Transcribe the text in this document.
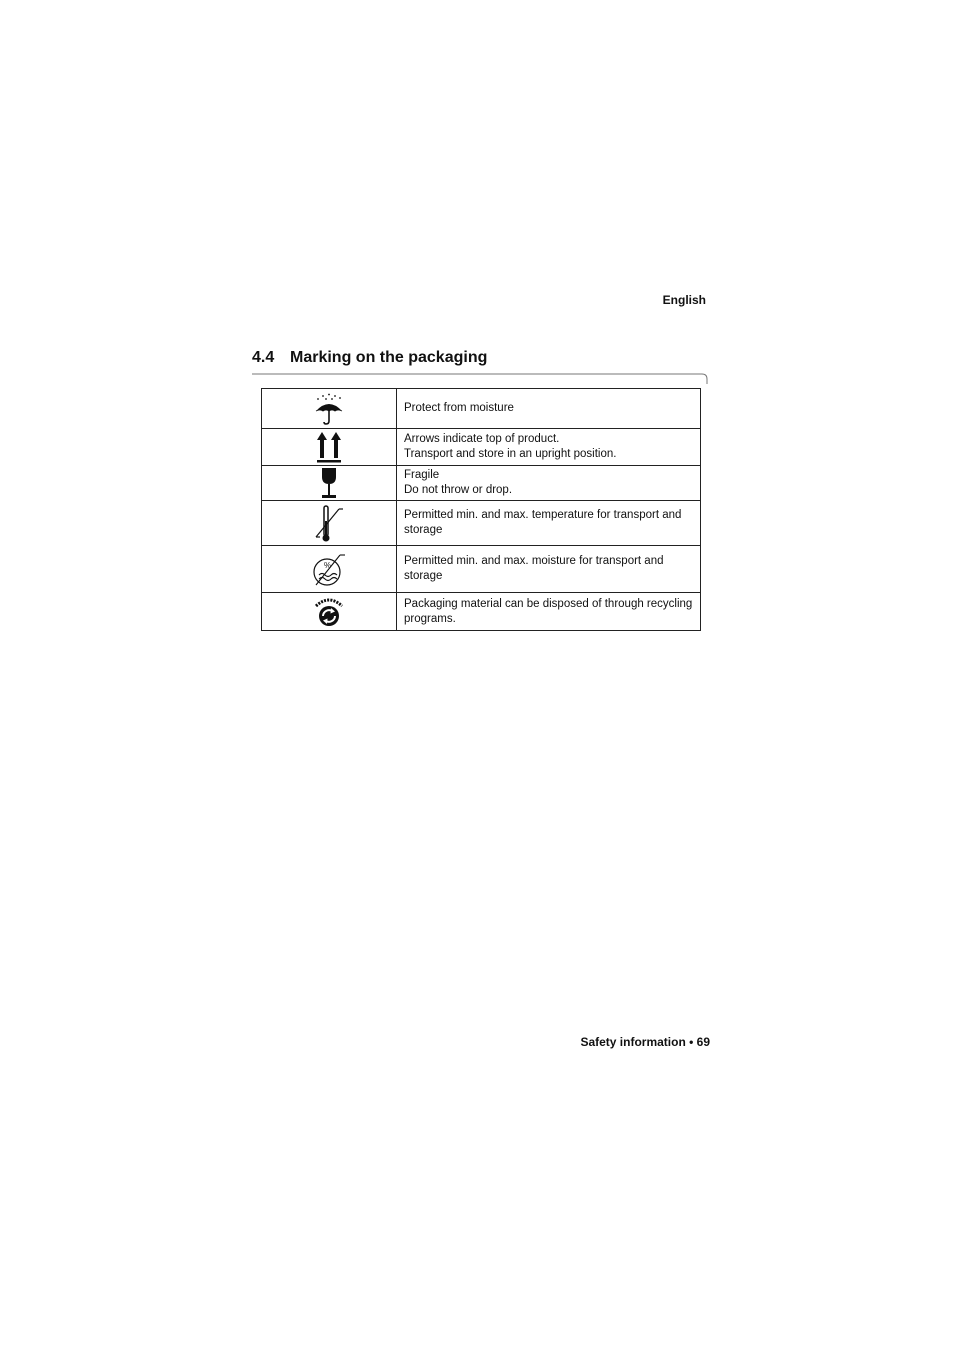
English
4.4 Marking on the packaging

Protect from moisture

Arrows indicate top of product.
Transport and store in an upright position.

Fragile
Do not throw or drop.

Permitted min. and max. temperature for transport and storage

%	Permitted min. and max. moisture for transport and storage

Packaging material can be disposed of through recycling programs.
Safety information • 69
